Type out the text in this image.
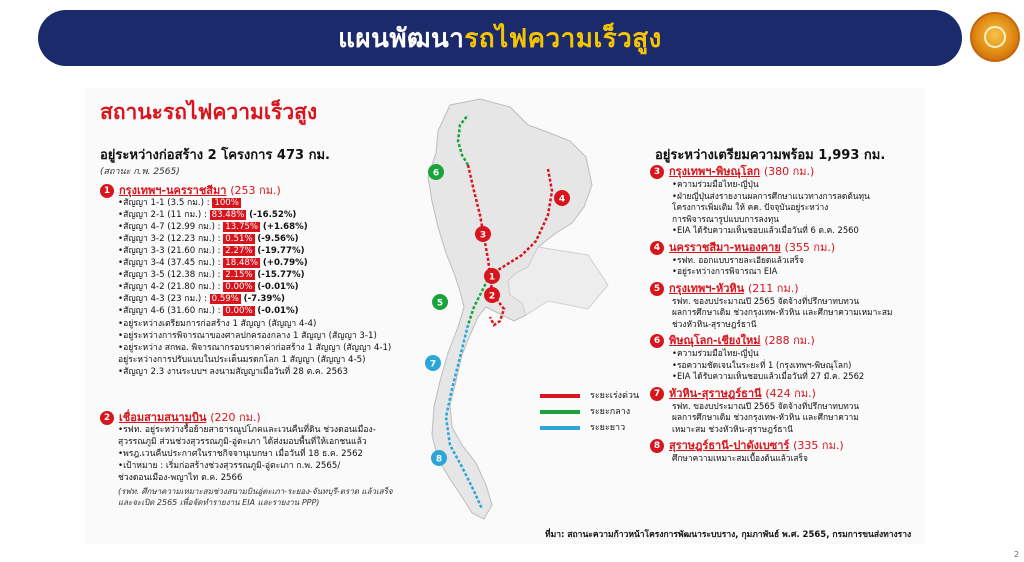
แผนพัฒนา รถไฟความเร็วสูง
สถานะรถไฟความเร็วสูง
อยู่ระหว่างก่อสร้าง 2 โครงการ 473 กม.
(สถานะ ก.พ. 2565)
1 กรุงเทพฯ-นครราชสีมา (253 กม.)
•สัญญา 1-1 (3.5 กม.) : 100%
•สัญญา 2-1 (11 กม.) : 83.48% (-16.52%)
•สัญญา 4-7 (12.99 กม.) : 13.75% (+1.68%)
•สัญญา 3-2 (12.23 กม.) : 0.51% (-9.56%)
•สัญญา 3-3 (21.60 กม.) : 2.27% (-19.77%)
•สัญญา 3-4 (37.45 กม.) : 18.48% (+0.79%)
•สัญญา 3-5 (12.38 กม.) : 2.15% (-15.77%)
•สัญญา 4-2 (21.80 กม.) : 0.00% (-0.01%)
•สัญญา 4-3 (23 กม.) : 0.59% (-7.39%)
•สัญญา 4-6 (31.60 กม.) : 0.00% (-0.01%)
•อยู่ระหว่างเตรียมการก่อสร้าง 1 สัญญา (สัญญา 4-4)
•อยู่ระหว่างการพิจารณาของศาลปกครองกลาง 1 สัญญา (สัญญา 3-1)
•อยู่ระหว่าง สกพอ. พิจารณากรอบราคาค่าก่อสร้าง 1 สัญญา (สัญญา 4-1)
อยู่ระหว่างการปรับแบบในประเด็นมรดกโลก 1 สัญญา (สัญญา 4-5)
•สัญญา 2.3 งานระบบฯ ลงนามสัญญาเมื่อวันที่ 28 ต.ค. 2563
2 เชื่อมสามสนามบิน (220 กม.)
•รฟท. อยู่ระหว่างรื้อย้ายสาธารณูปโภคและเวนคืนที่ดิน ช่วงดอนเมือง-
สุวรรณภูมิ ส่วนช่วงสุวรรณภูมิ-อู่ตะเภา ได้ส่งมอบพื้นที่ให้เอกชนแล้ว
•พรฎ.เวนคืนประกาศในราชกิจจานุเบกษา เมื่อวันที่ 18 ธ.ค. 2562
•เป้าหมาย : เริ่มก่อสร้างช่วงสุวรรณภูมิ-อู่ตะเภา ก.พ. 2565/
ช่วงดอนเมือง-พญาไท ต.ค. 2566
(รฟท. ศึกษาความเหมาะสมช่วงสนามบินอู่ตะเภา-ระยอง-จันทบุรี-ตราด แล้วเสร็จ
และจะเปิด 2565 เพื่อจัดทำรายงาน EIA และรายงาน PPP)
1
2
3
4
5
6
7
8
ระยะเร่งด่วน
ระยะกลาง
ระยะยาว
อยู่ระหว่างเตรียมความพร้อม 1,993 กม.
3 กรุงเทพฯ-พิษณุโลก (380 กม.)
•ความร่วมมือไทย-ญี่ปุ่น
•ฝ่ายญี่ปุ่นส่งรายงานผลการศึกษาแนวทางการลดต้นทุน
โครงการเพิ่มเติม ให้ คค. ปัจจุบันอยู่ระหว่าง
การพิจารณารูปแบบการลงทุน
•EIA ได้รับความเห็นชอบแล้วเมื่อวันที่ 6 ต.ค. 2560
4 นครราชสีมา-หนองคาย (355 กม.)
•รฟท. ออกแบบรายละเอียดแล้วเสร็จ
•อยู่ระหว่างการพิจารณา EIA
5 กรุงเทพฯ-หัวหิน (211 กม.)
รฟท. ของบประมาณปี 2565 จัดจ้างที่ปรึกษาทบทวน
ผลการศึกษาเดิม ช่วงกรุงเทพ-หัวหิน และศึกษาความเหมาะสม
ช่วงหัวหิน-สุราษฎร์ธานี
6 พิษณุโลก-เชียงใหม่ (288 กม.)
•ความร่วมมือไทย-ญี่ปุ่น
•รอความชัดเจนในระยะที่ 1 (กรุงเทพฯ-พิษณุโลก)
•EIA ได้รับความเห็นชอบแล้วเมื่อวันที่ 27 มี.ค. 2562
7 หัวหิน-สุราษฎร์ธานี (424 กม.)
รฟท. ของบประมาณปี 2565 จัดจ้างที่ปรึกษาทบทวน
ผลการศึกษาเดิม ช่วงกรุงเทพ-หัวหิน และศึกษาความ
เหมาะสม ช่วงหัวหิน-สุราษฎร์ธานี
8 สุราษฎร์ธานี-ปาดังเบซาร์ (335 กม.)
ศึกษาความเหมาะสมเบื้องต้นแล้วเสร็จ
ที่มา: สถานะความก้าวหน้าโครงการพัฒนาระบบราง, กุมภาพันธ์ พ.ศ. 2565, กรมการขนส่งทางราง
2
